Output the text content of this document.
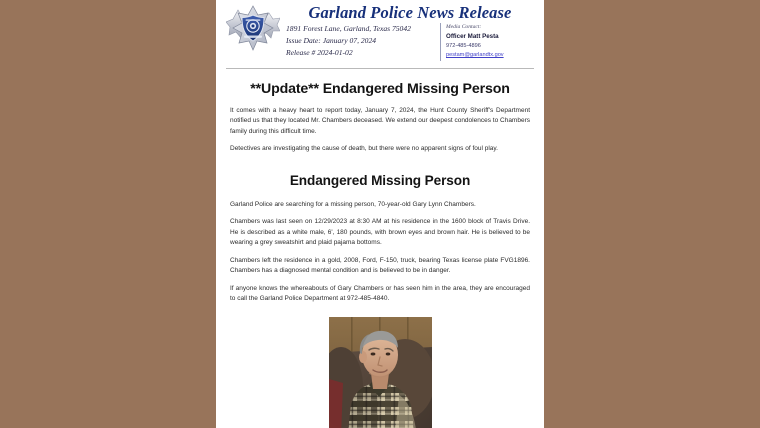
Garland Police News Release
1891 Forest Lane, Garland, Texas 75042
Issue Date: January 07, 2024
Release # 2024-01-02
Media Contact:
Officer Matt Pesta
972-485-4896
pestam@garlandtx.gov
**Update** Endangered Missing Person

It comes with a heavy heart to report today, January 7, 2024, the Hunt County Sheriff's Department notified us that they located Mr. Chambers deceased. We extend our deepest condolences to Chambers family during this difficult time.

Detectives are investigating the cause of death, but there were no apparent signs of foul play.

Endangered Missing Person

Garland Police are searching for a missing person, 70-year-old Gary Lynn Chambers.

Chambers was last seen on 12/29/2023 at 8:30 AM at his residence in the 1600 block of Travis Drive. He is described as a white male, 6', 180 pounds, with brown eyes and brown hair. He is believed to be wearing a grey sweatshirt and plaid pajama bottoms.

Chambers left the residence in a gold, 2008, Ford, F-150, truck, bearing Texas license plate FVG1896. Chambers has a diagnosed mental condition and is believed to be in danger.

If anyone knows the whereabouts of Gary Chambers or has seen him in the area, they are encouraged to call the Garland Police Department at 972-485-4840.
